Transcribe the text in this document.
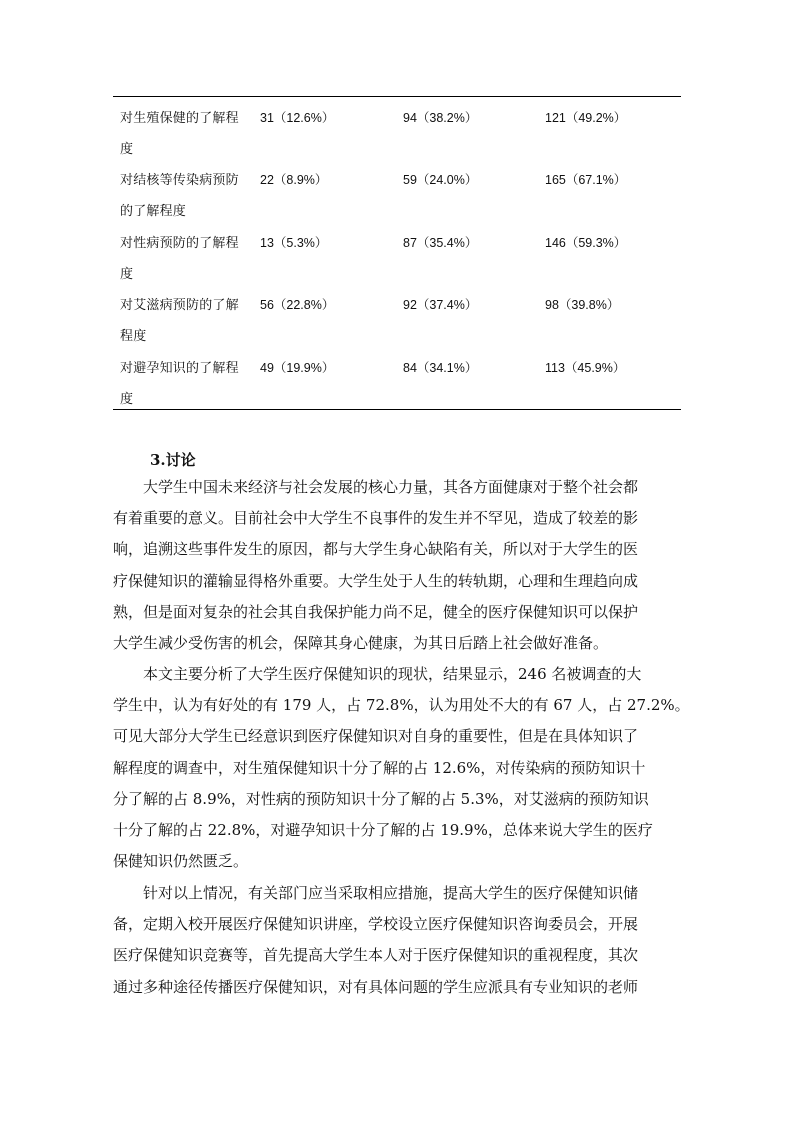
对生殖保健的了解程
度
31（12.6%）	94（38.2%）	121（49.2%）
对结核等传染病预防
的了解程度
22（8.9%）	59（24.0%）	165（67.1%）
对性病预防的了解程
度
13（5.3%）	87（35.4%）	146（59.3%）
对艾滋病预防的了解
程度
56（22.8%）	92（37.4%）	98（39.8%）
对避孕知识的了解程
度
49（19.9%）	84（34.1%）	113（45.9%）
3.讨论
大学生中国未来经济与社会发展的核心力量，其各方面健康对于整个社会都
有着重要的意义。目前社会中大学生不良事件的发生并不罕见，造成了较差的影
响，追溯这些事件发生的原因，都与大学生身心缺陷有关，所以对于大学生的医
疗保健知识的灌输显得格外重要。大学生处于人生的转轨期，心理和生理趋向成
熟，但是面对复杂的社会其自我保护能力尚不足，健全的医疗保健知识可以保护
大学生减少受伤害的机会，保障其身心健康，为其日后踏上社会做好准备。
本文主要分析了大学生医疗保健知识的现状，结果显示，246 名被调查的大
学生中，认为有好处的有 179 人，占 72.8%，认为用处不大的有 67 人，占 27.2%。
可见大部分大学生已经意识到医疗保健知识对自身的重要性，但是在具体知识了
解程度的调查中，对生殖保健知识十分了解的占 12.6%，对传染病的预防知识十
分了解的占 8.9%，对性病的预防知识十分了解的占 5.3%，对艾滋病的预防知识
十分了解的占 22.8%，对避孕知识十分了解的占 19.9%，总体来说大学生的医疗
保健知识仍然匮乏。
针对以上情况，有关部门应当采取相应措施，提高大学生的医疗保健知识储
备，定期入校开展医疗保健知识讲座，学校设立医疗保健知识咨询委员会，开展
医疗保健知识竞赛等，首先提高大学生本人对于医疗保健知识的重视程度，其次
通过多种途径传播医疗保健知识，对有具体问题的学生应派具有专业知识的老师
